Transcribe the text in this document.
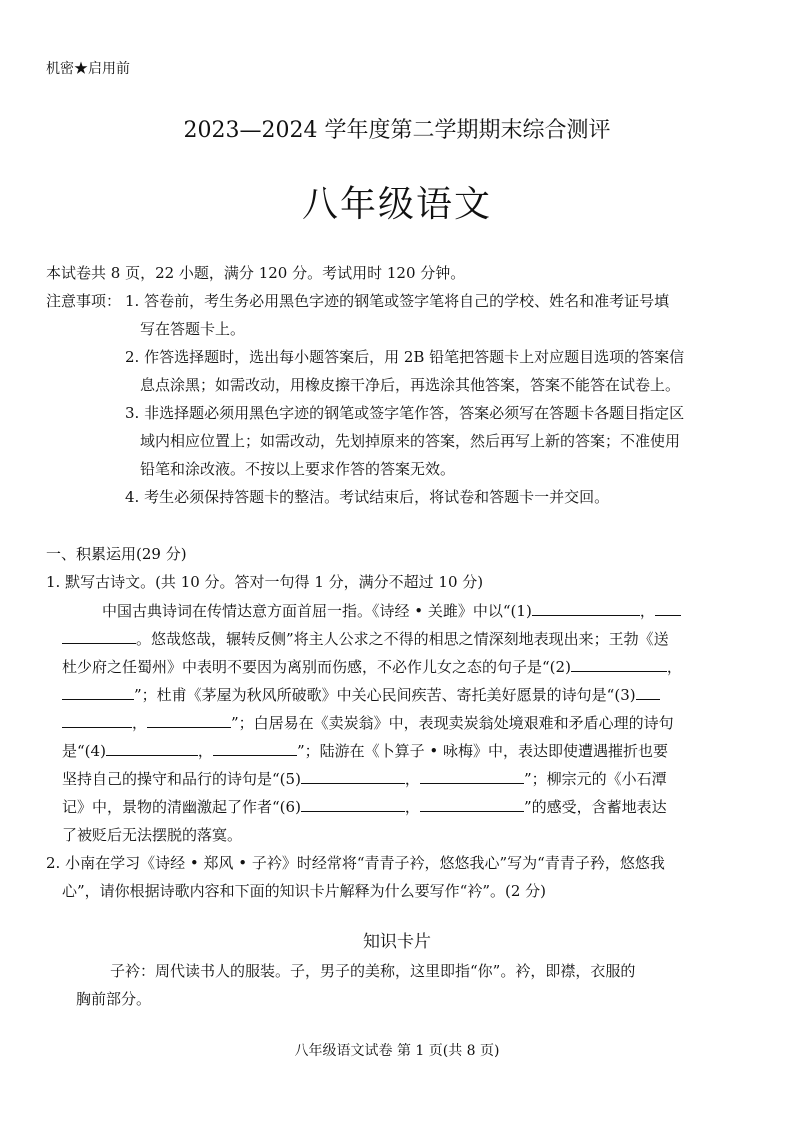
机密★启用前
2023—2024 学年度第二学期期末综合测评
八年级语文
本试卷共 8 页，22 小题，满分 120 分。考试用时 120 分钟。
注意事项： 1. 答卷前，考生务必用黑色字迹的钢笔或签字笔将自己的学校、姓名和准考证号填
写在答题卡上。
2. 作答选择题时，选出每小题答案后，用 2B 铅笔把答题卡上对应题目选项的答案信
息点涂黑；如需改动，用橡皮擦干净后，再选涂其他答案，答案不能答在试卷上。
3. 非选择题必须用黑色字迹的钢笔或签字笔作答，答案必须写在答题卡各题目指定区
域内相应位置上；如需改动，先划掉原来的答案，然后再写上新的答案；不准使用
铅笔和涂改液。不按以上要求作答的答案无效。
4. 考生必须保持答题卡的整洁。考试结束后，将试卷和答题卡一并交回。
一、积累运用(29 分)
1. 默写古诗文。(共 10 分。答对一句得 1 分，满分不超过 10 分)
中国古典诗词在传情达意方面首屈一指。《诗经 • 关雎》中以“(1)	，
。悠哉悠哉，辗转反侧”将主人公求之不得的相思之情深刻地表现出来；王勃《送
杜少府之任蜀州》中表明不要因为离别而伤感，不必作儿女之态的句子是“(2)	，
”；杜甫《茅屋为秋风所破歌》中关心民间疾苦、寄托美好愿景的诗句是“(3)
，	”；白居易在《卖炭翁》中，表现卖炭翁处境艰难和矛盾心理的诗句
是“(4)	，	”；陆游在《卜算子 • 咏梅》中，表达即使遭遇摧折也要
坚持自己的操守和品行的诗句是“(5)	，	”；柳宗元的《小石潭
记》中，景物的清幽激起了作者“(6)	，	”的感受，含蓄地表达
了被贬后无法摆脱的落寞。
2. 小南在学习《诗经 • 郑风 • 子衿》时经常将“青青子衿，悠悠我心”写为“青青子矜，悠悠我
心”，请你根据诗歌内容和下面的知识卡片解释为什么要写作“衿”。(2 分)
知识卡片
子衿：周代读书人的服装。子，男子的美称，这里即指“你”。衿，即襟，衣服的
胸前部分。
八年级语文试卷 第 1 页(共 8 页)
